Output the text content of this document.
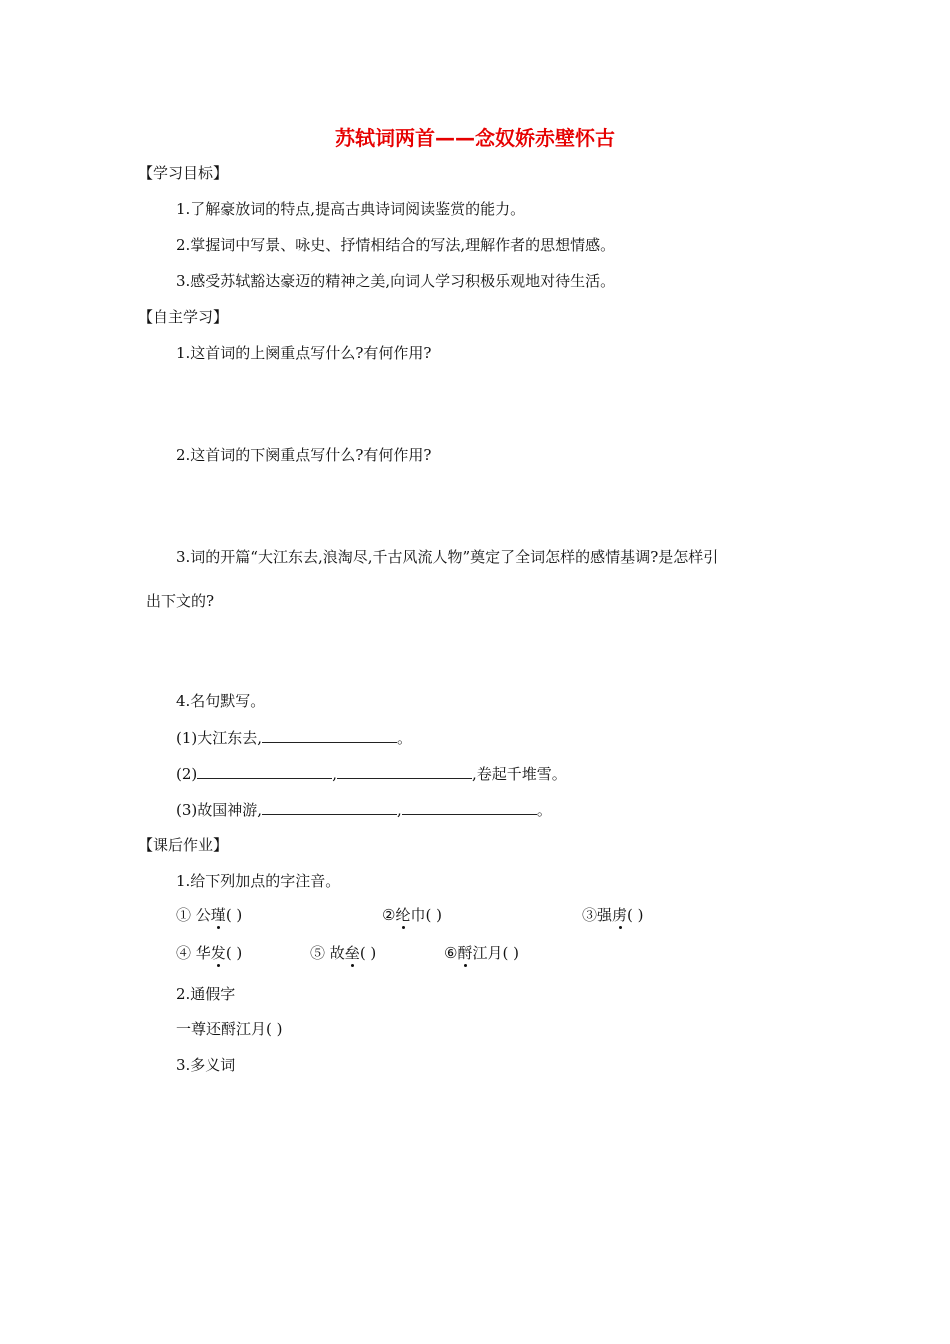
苏轼词两首——念奴娇赤壁怀古
【学习目标】
1.了解豪放词的特点,提高古典诗词阅读鉴赏的能力。
2.掌握词中写景、咏史、抒情相结合的写法,理解作者的思想情感。
3.感受苏轼豁达豪迈的精神之美,向词人学习积极乐观地对待生活。
【自主学习】
1.这首词的上阕重点写什么?有何作用?
2.这首词的下阕重点写什么?有何作用?
3.词的开篇“大江东去,浪淘尽,千古风流人物”奠定了全词怎样的感情基调?是怎样引
出下文的?
4.名句默写。
(1)大江东去,	。
(2)	,	,卷起千堆雪。
(3)故国神游,	,	。
【课后作业】
1.给下列加点的字注音。
① 公瑾( )	②纶巾( )	③强虏( )
④ 华发( )	⑤ 故垒( )	⑥酹江月( )
2.通假字
一尊还酹江月( )
3.多义词
